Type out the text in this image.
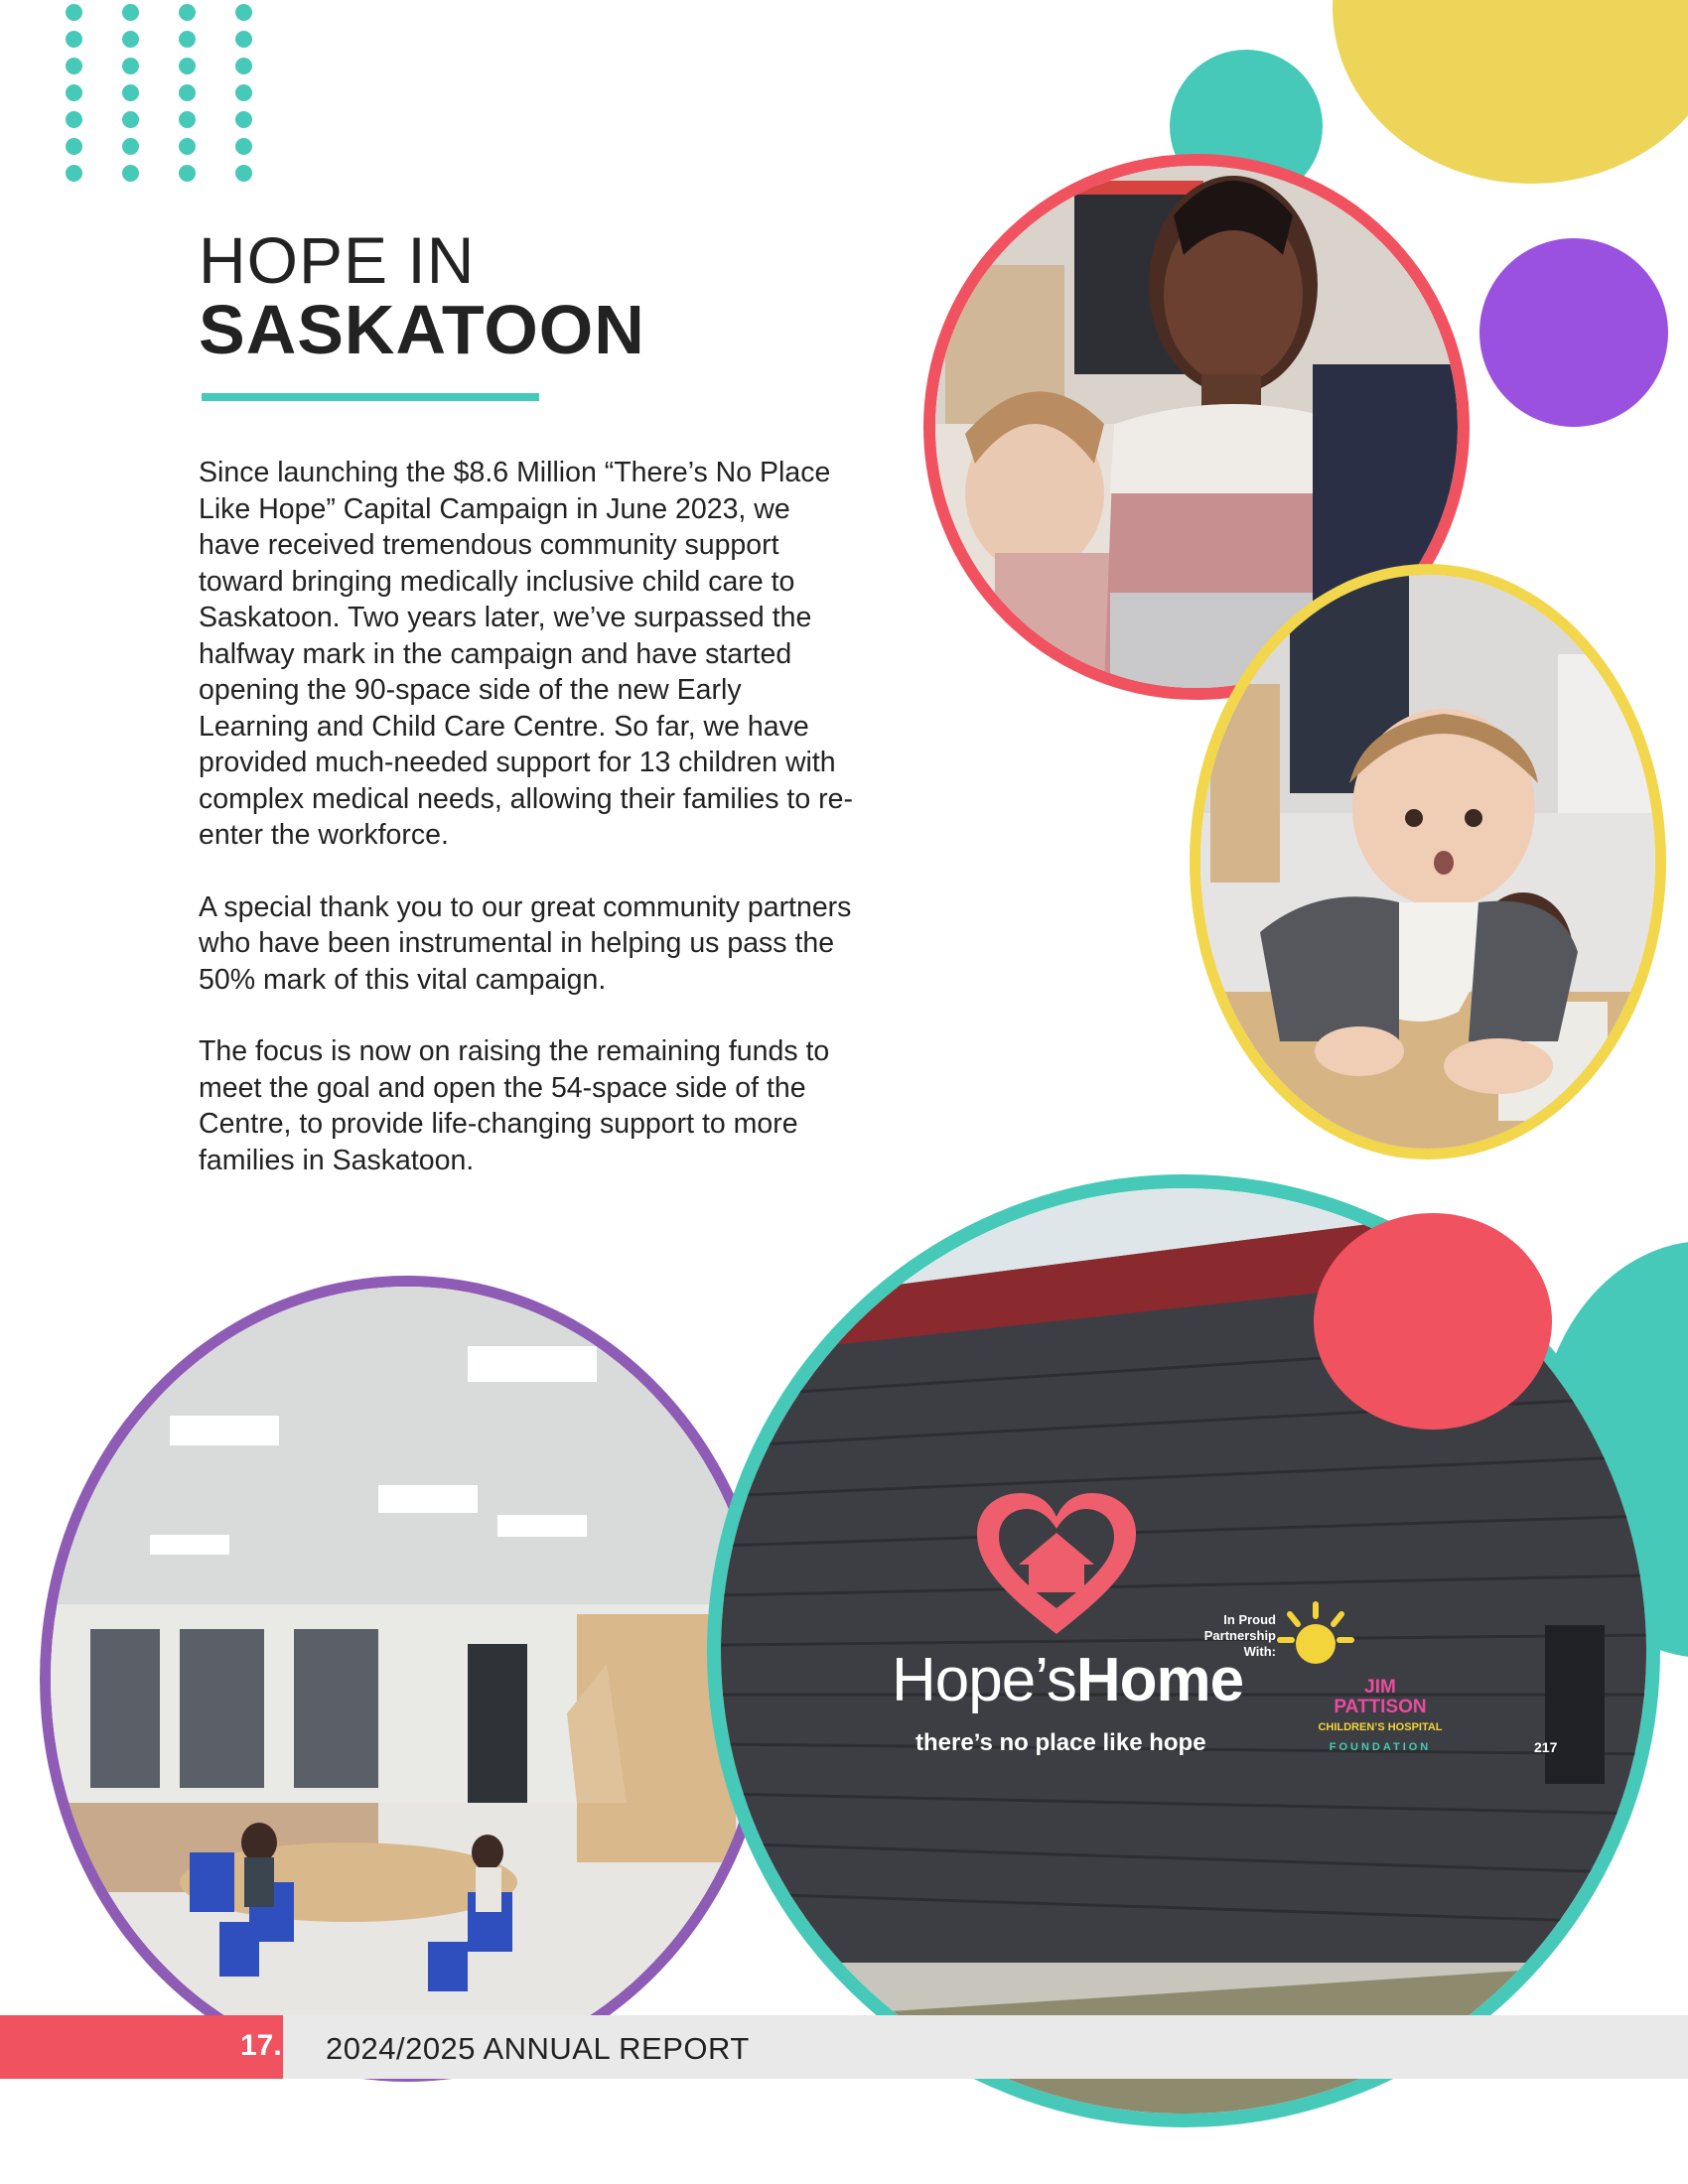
HOPE IN
SASKATOON

Since launching the $8.6 Million “There’s No Place Like Hope” Capital Campaign in June 2023, we have received tremendous community support toward bringing medically inclusive child care to Saskatoon. Two years later, we’ve surpassed the halfway mark in the campaign and have started opening the 90-space side of the new Early Learning and Child Care Centre. So far, we have provided much-needed support for 13 children with complex medical needs, allowing their families to re-enter the workforce.

A special thank you to our great community partners who have been instrumental in helping us pass the 50% mark of this vital campaign.

The focus is now on raising the remaining funds to meet the goal and open the 54-space side of the Centre, to provide life-changing support to more families in Saskatoon.

Hope’sHome
there’s no place like hope
In Proud
Partnership
With:
JIM PATTISON
CHILDREN’S HOSPITAL
FOUNDATION	217
17. 2024/2025 ANNUAL REPORT
